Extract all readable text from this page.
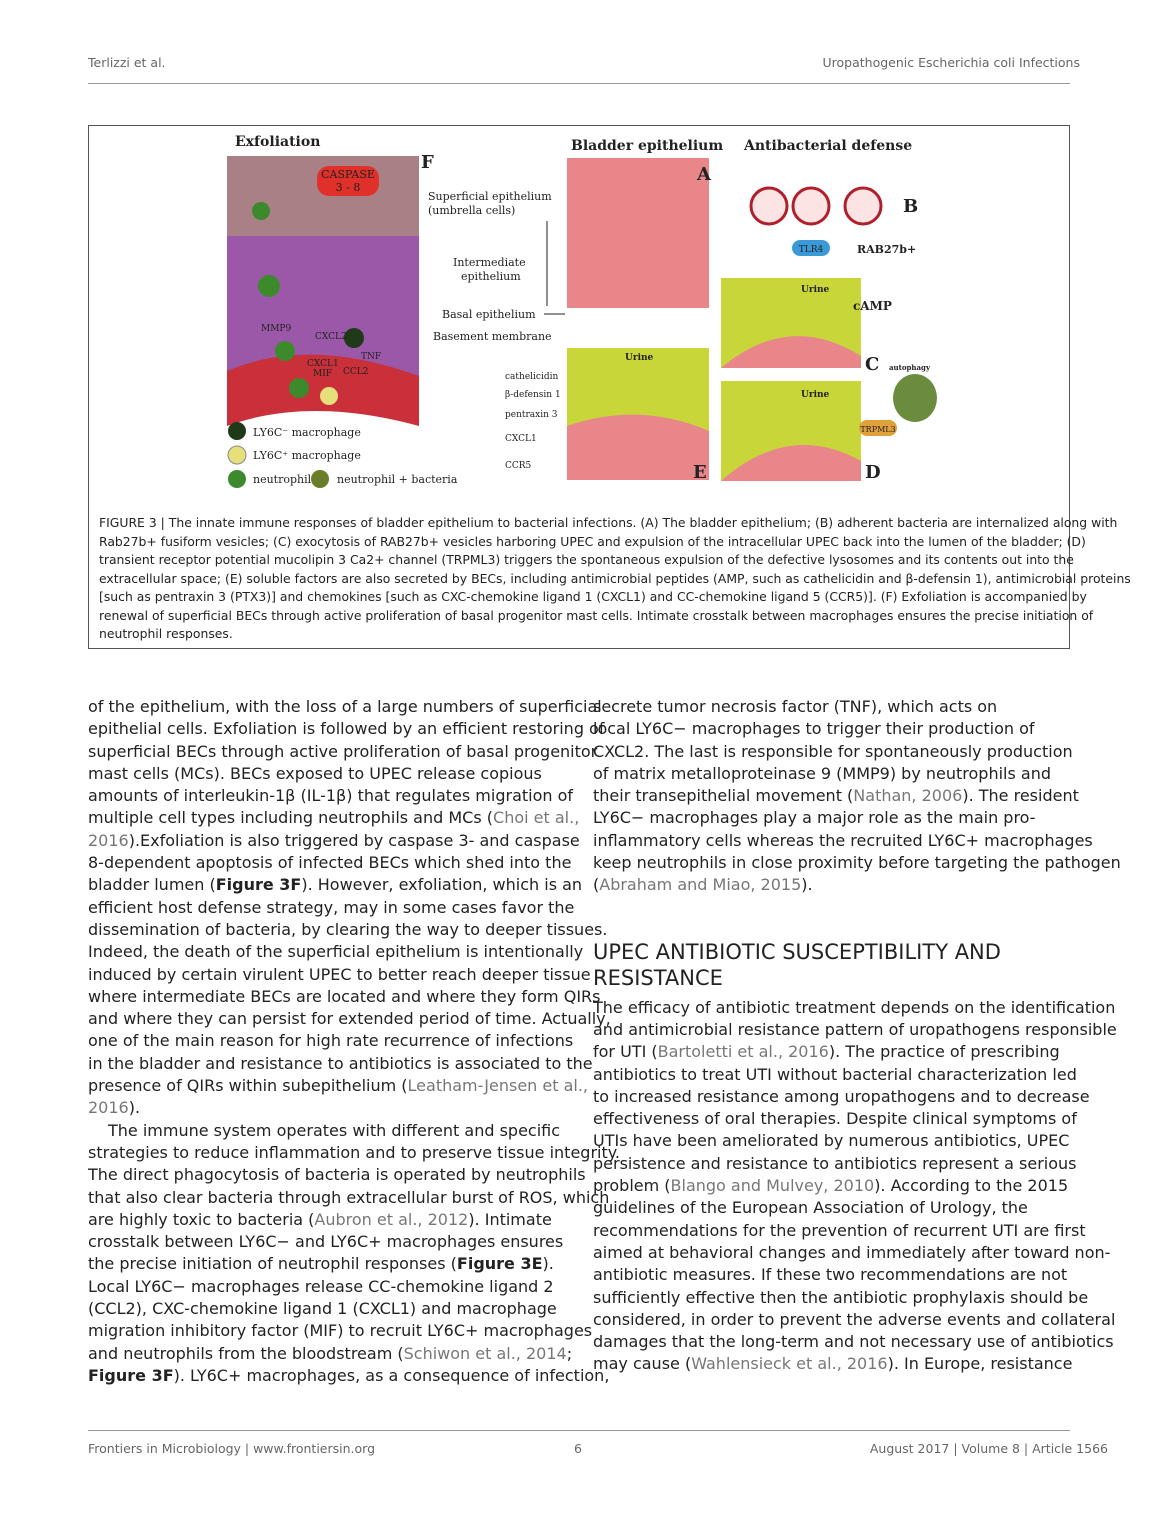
Terlizzi et al.	Uropathogenic Escherichia coli Infections
CASPASE
3 - 8
Exfoliation
F
MMP9
CXCL2
TNF
CXCL1
MIF CCL2
Superficial epithelium
(umbrella cells)
Intermediate
epithelium
Basal epithelium
Basement membrane
Bladder epithelium
A
Antibacterial defense
B
TLR4	RAB27b+
Urine
cAMP
C autophagy
Urine
TRPML3
D
Urine
E
cathelicidin
β-defensin 1
pentraxin 3
CXCL1
CCR5
LY6C⁻ macrophage
LY6C⁺ macrophage
neutrophil neutrophil + bacteria
FIGURE 3 | The innate immune responses of bladder epithelium to bacterial infections. (A) The bladder epithelium; (B) adherent bacteria are internalized along with
Rab27b+ fusiform vesicles; (C) exocytosis of RAB27b+ vesicles harboring UPEC and expulsion of the intracellular UPEC back into the lumen of the bladder; (D)
transient receptor potential mucolipin 3 Ca2+ channel (TRPML3) triggers the spontaneous expulsion of the defective lysosomes and its contents out into the
extracellular space; (E) soluble factors are also secreted by BECs, including antimicrobial peptides (AMP, such as cathelicidin and β-defensin 1), antimicrobial proteins
[such as pentraxin 3 (PTX3)] and chemokines [such as CXC-chemokine ligand 1 (CXCL1) and CC-chemokine ligand 5 (CCR5)]. (F) Exfoliation is accompanied by
renewal of superficial BECs through active proliferation of basal progenitor mast cells. Intimate crosstalk between macrophages ensures the precise initiation of
neutrophil responses.

of the epithelium, with the loss of a large numbers of superficial

epithelial cells. Exfoliation is followed by an efficient restoring of

superficial BECs through active proliferation of basal progenitor

mast cells (MCs). BECs exposed to UPEC release copious

amounts of interleukin-1β (IL-1β) that regulates migration of

multiple cell types including neutrophils and MCs (Choi et al.,

2016).Exfoliation is also triggered by caspase 3- and caspase

8-dependent apoptosis of infected BECs which shed into the

bladder lumen (Figure 3F). However, exfoliation, which is an

efficient host defense strategy, may in some cases favor the

dissemination of bacteria, by clearing the way to deeper tissues.

Indeed, the death of the superficial epithelium is intentionally

induced by certain virulent UPEC to better reach deeper tissue

where intermediate BECs are located and where they form QIRs

and where they can persist for extended period of time. Actually,

one of the main reason for high rate recurrence of infections

in the bladder and resistance to antibiotics is associated to the

presence of QIRs within subepithelium (Leatham-Jensen et al.,

2016).

The immune system operates with different and specific

strategies to reduce inflammation and to preserve tissue integrity.

The direct phagocytosis of bacteria is operated by neutrophils

that also clear bacteria through extracellular burst of ROS, which

are highly toxic to bacteria (Aubron et al., 2012). Intimate

crosstalk between LY6C− and LY6C+ macrophages ensures

the precise initiation of neutrophil responses (Figure 3E).

Local LY6C− macrophages release CC-chemokine ligand 2

(CCL2), CXC-chemokine ligand 1 (CXCL1) and macrophage

migration inhibitory factor (MIF) to recruit LY6C+ macrophages

and neutrophils from the bloodstream (Schiwon et al., 2014;

Figure 3F). LY6C+ macrophages, as a consequence of infection,

secrete tumor necrosis factor (TNF), which acts on

local LY6C− macrophages to trigger their production of

CXCL2. The last is responsible for spontaneously production

of matrix metalloproteinase 9 (MMP9) by neutrophils and

their transepithelial movement (Nathan, 2006). The resident

LY6C− macrophages play a major role as the main pro-

inflammatory cells whereas the recruited LY6C+ macrophages

keep neutrophils in close proximity before targeting the pathogen

(Abraham and Miao, 2015).

UPEC ANTIBIOTIC SUSCEPTIBILITY AND
RESISTANCE

The efficacy of antibiotic treatment depends on the identification

and antimicrobial resistance pattern of uropathogens responsible

for UTI (Bartoletti et al., 2016). The practice of prescribing

antibiotics to treat UTI without bacterial characterization led

to increased resistance among uropathogens and to decrease

effectiveness of oral therapies. Despite clinical symptoms of

UTIs have been ameliorated by numerous antibiotics, UPEC

persistence and resistance to antibiotics represent a serious

problem (Blango and Mulvey, 2010). According to the 2015

guidelines of the European Association of Urology, the

recommendations for the prevention of recurrent UTI are first

aimed at behavioral changes and immediately after toward non-

antibiotic measures. If these two recommendations are not

sufficiently effective then the antibiotic prophylaxis should be

considered, in order to prevent the adverse events and collateral

damages that the long-term and not necessary use of antibiotics

may cause (Wahlensieck et al., 2016). In Europe, resistance

Frontiers in Microbiology | www.frontiersin.org	6	August 2017 | Volume 8 | Article 1566
